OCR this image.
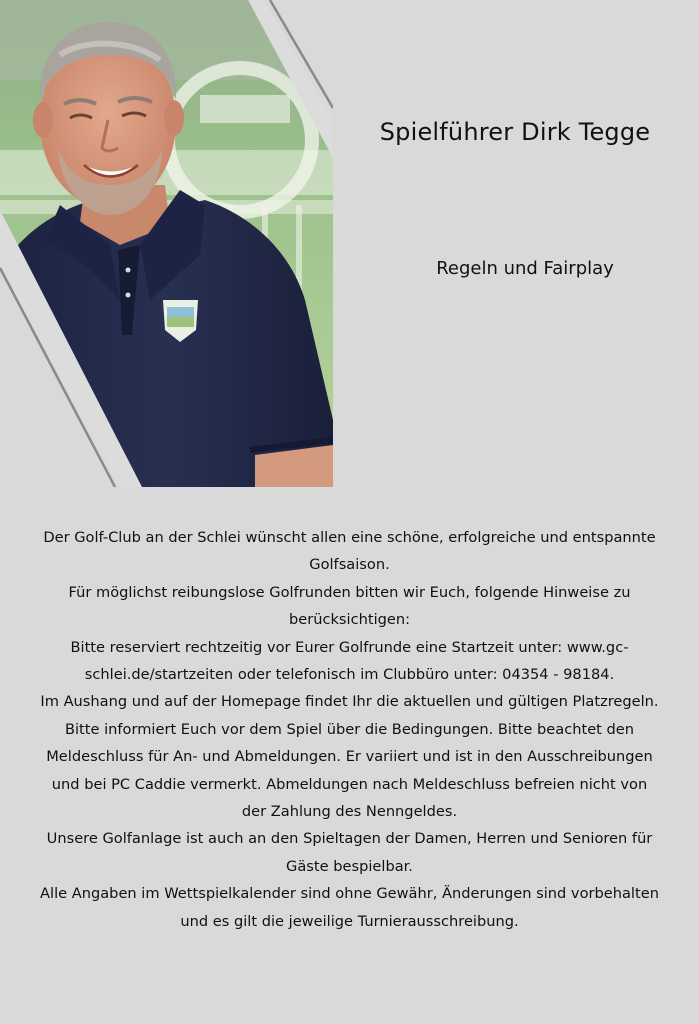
Spielführer Dirk Tegge
Regeln und Fairplay

Der Golf-Club an der Schlei wünscht allen eine schöne, erfolgreiche und entspannte Golfsaison.

Für möglichst reibungslose Golfrunden bitten wir Euch, folgende Hinweise zu berücksichtigen:

Bitte reserviert rechtzeitig vor Eurer Golfrunde eine Startzeit unter: www.gc-schlei.de/startzeiten oder telefonisch im Clubbüro unter: 04354 - 98184.

Im Aushang und auf der Homepage findet Ihr die aktuellen und gültigen Platzregeln.

Bitte informiert Euch vor dem Spiel über die Bedingungen. Bitte beachtet den Meldeschluss für An- und Abmeldungen. Er variiert und ist in den Ausschreibungen und bei PC Caddie vermerkt. Abmeldungen nach Meldeschluss befreien nicht von der Zahlung des Nenngeldes.

Unsere Golfanlage ist auch an den Spieltagen der Damen, Herren und Senioren für Gäste bespielbar.

Alle Angaben im Wettspielkalender sind ohne Gewähr, Änderungen sind vorbehalten und es gilt die jeweilige Turnierausschreibung.
